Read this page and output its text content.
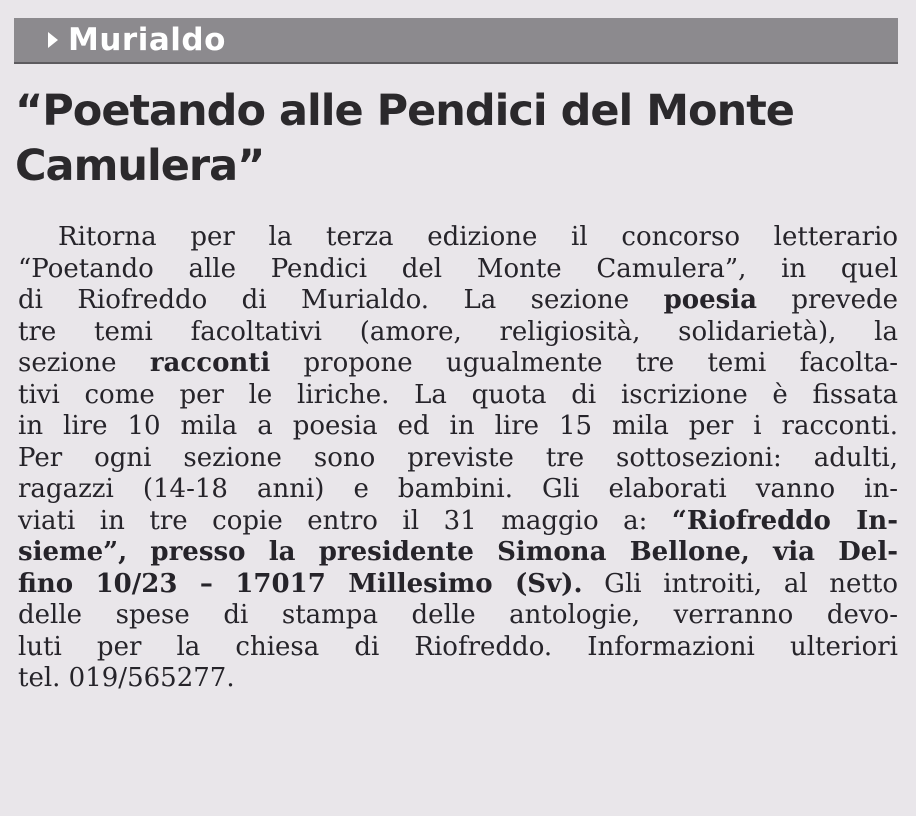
Murialdo
“Poetando alle Pendici del Monte Camulera”
Ritorna per la terza edizione il concorso letterario
“Poetando alle Pendici del Monte Camulera”, in quel
di Riofreddo di Murialdo. La sezione poesia prevede
tre temi facoltativi (amore, religiosità, solidarietà), la
sezione racconti propone ugualmente tre temi facolta-
tivi come per le liriche. La quota di iscrizione è fissata
in lire 10 mila a poesia ed in lire 15 mila per i racconti.
Per ogni sezione sono previste tre sottosezioni: adulti,
ragazzi (14-18 anni) e bambini. Gli elaborati vanno in-
viati in tre copie entro il 31 maggio a: “Riofreddo In-
sieme”, presso la presidente Simona Bellone, via Del-
fino 10/23 – 17017 Millesimo (Sv). Gli introiti, al netto
delle spese di stampa delle antologie, verranno devo-
luti per la chiesa di Riofreddo. Informazioni ulteriori
tel. 019/565277.
